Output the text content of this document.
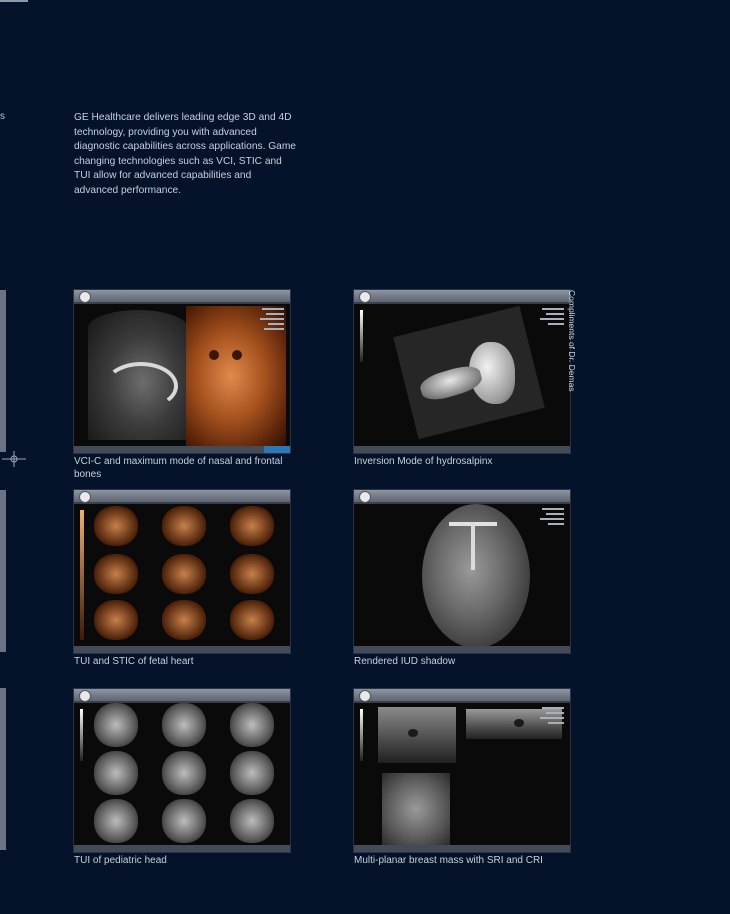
s	GE Healthcare delivers leading edge 3D and 4D technology, providing you with advanced diagnostic capabilities across applications. Game changing technologies such as VCI, STIC and TUI allow for advanced capabilities and advanced performance.

VCI-C and maximum mode of nasal and frontal bones

Inversion Mode of hydrosalpinx

Compliments of Dr. Demas

TUI and STIC of fetal heart	Rendered IUD shadow

TUI of pediatric head	Multi-planar breast mass with SRI and CRI
